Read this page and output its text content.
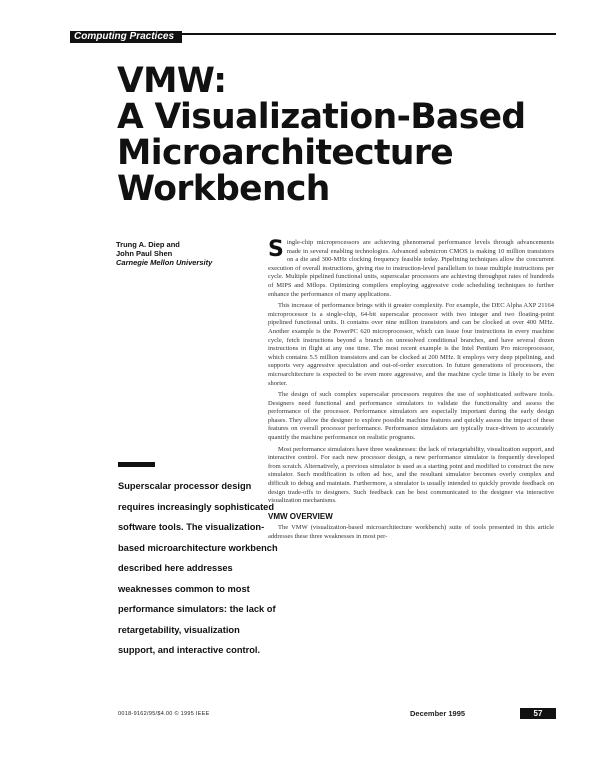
Computing Practices
VMW:
A Visualization-Based
Microarchitecture
Workbench
Trung A. Diep and
John Paul Shen
Carnegie Mellon University
Superscalar processor design requires increasingly sophisticated software tools. The visualization-based microarchitecture workbench described here addresses weaknesses common to most performance simulators: the lack of retargetability, visualization support, and interactive control.

Single-chip microprocessors are achieving phenomenal performance levels through advancements made in several enabling technologies. Advanced submicron CMOS is making 10 million transistors on a die and 300-MHz clocking frequency feasible today. Pipelining techniques allow the concurrent execution of overall instructions, giving rise to instruction-level parallelism to issue multiple instructions per cycle. Multiple pipelined functional units, superscalar processors are achieving throughput rates of hundreds of MIPS and Mflops. Optimizing compilers employing aggressive code scheduling techniques to further enhance the performance of many applications.

This increase of performance brings with it greater complexity. For example, the DEC Alpha AXP 21164 microprocessor is a single-chip, 64-bit superscalar processor with two integer and two floating-point pipelined functional units. It contains over nine million transistors and can be clocked at over 400 MHz. Another example is the PowerPC 620 microprocessor, which can issue four instructions in every machine cycle, fetch instructions beyond a branch on unresolved conditional branches, and have several dozen instructions in flight at any one time. The most recent example is the Intel Pentium Pro microprocessor, which contains 5.5 million transistors and can be clocked at 200 MHz. It employs very deep pipelining, and supports very aggressive speculation and out-of-order execution. In future generations of processors, the microarchitecture is expected to be even more aggressive, and the machine cycle time is likely to be even shorter.

The design of such complex superscalar processors requires the use of sophisticated software tools. Designers need functional and performance simulators to validate the functionality and assess the performance of the processor. Performance simulators are especially important during the early design phases. They allow the designer to explore possible machine features and quickly assess the impact of these features on overall processor performance. Performance simulators are typically trace-driven to accurately quantify the machine performance on realistic programs.

Most performance simulators have three weaknesses: the lack of retargetability, visualization support, and interactive control. For each new processor design, a new performance simulator is frequently developed from scratch. Alternatively, a previous simulator is used as a starting point and modified to construct the new simulator. Such modification is often ad hoc, and the resultant simulator becomes overly complex and difficult to debug and maintain. Furthermore, a simulator is usually intended to quickly provide feedback on design trade-offs to designers. Such feedback can be best communicated to the designer via interactive visualization mechanisms.

VMW OVERVIEW

The VMW (visualization-based microarchitecture workbench) suite of tools presented in this article addresses these three weaknesses in most per-

0018-9162/95/$4.00 © 1995 IEEE	December 1995	57
